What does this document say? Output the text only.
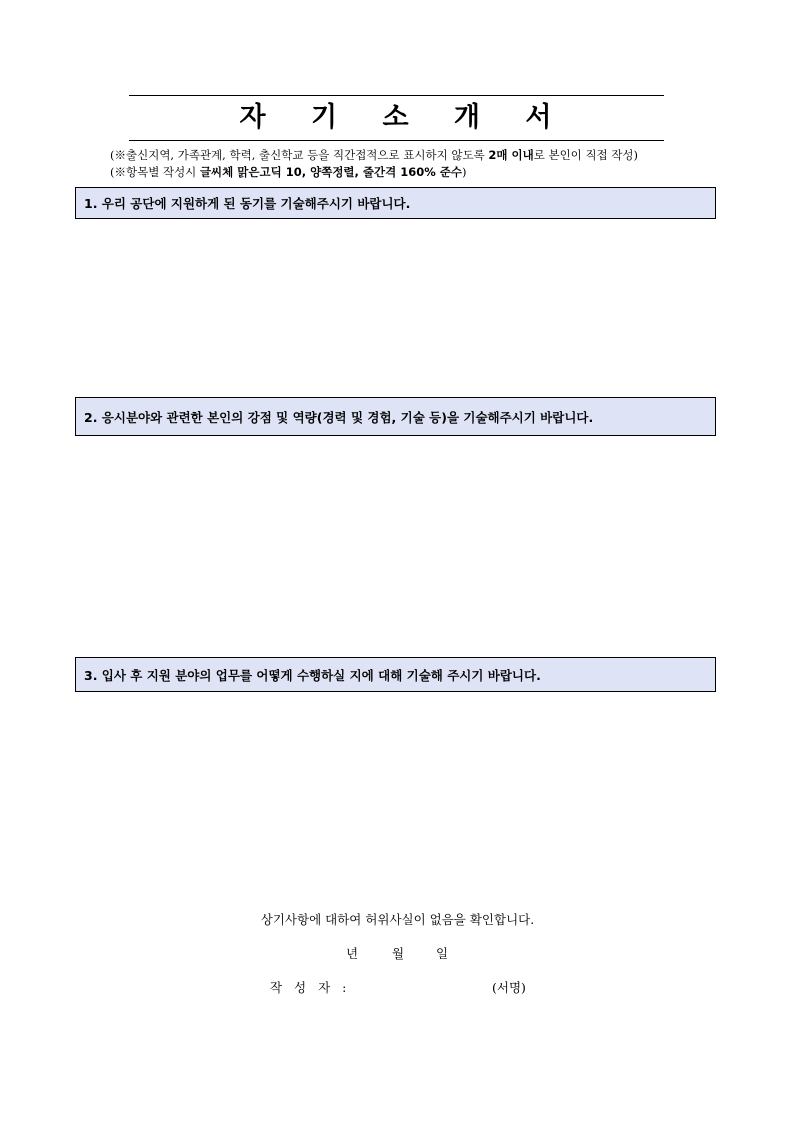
자 기 소 개 서
(※출신지역, 가족관계, 학력, 출신학교 등을 직간접적으로 표시하지 않도록 2매 이내로 본인이 직접 작성)
(※항목별 작성시 글씨체 맑은고딕 10, 양쪽정렬, 줄간격 160% 준수)
1. 우리 공단에 지원하게 된 동기를 기술해주시기 바랍니다.
2. 응시분야와 관련한 본인의 강점 및 역량(경력 및 경험, 기술 등)을 기술해주시기 바랍니다.
3. 입사 후 지원 분야의 업무를 어떻게 수행하실 지에 대해 기술해 주시기 바랍니다.
상기사항에 대하여 허위사실이 없음을 확인합니다.
년	월	일
작 성 자 :	(서명)
